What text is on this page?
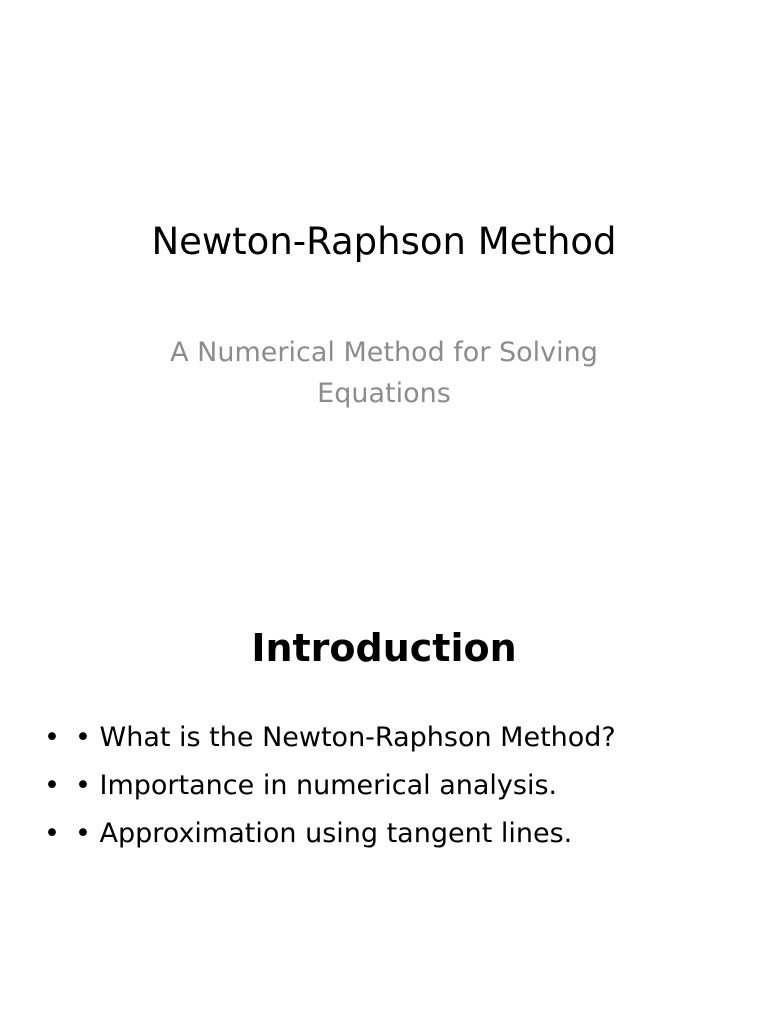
Newton-Raphson Method
A Numerical Method for Solving
Equations
Introduction
• • What is the Newton-Raphson Method?
• • Importance in numerical analysis.
• • Approximation using tangent lines.
